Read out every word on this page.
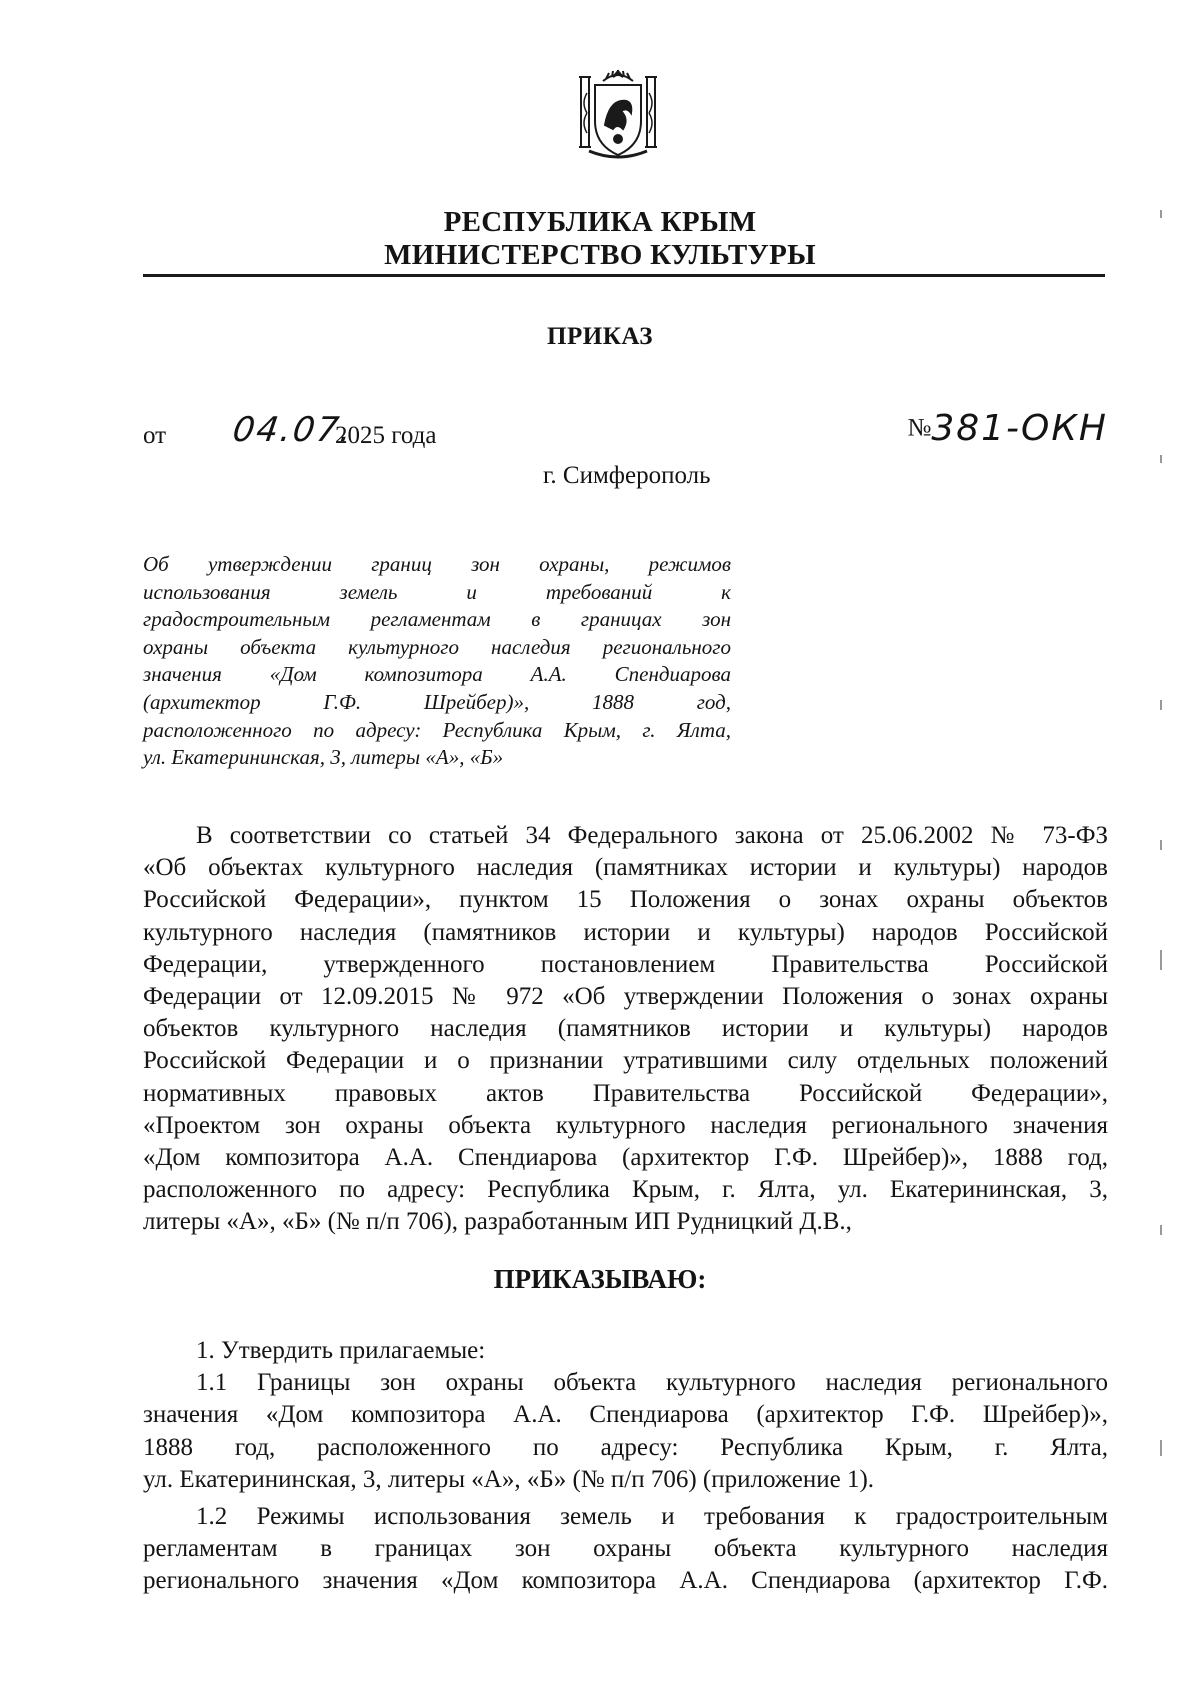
РЕСПУБЛИКА КРЫМ
МИНИСТЕРСТВО КУЛЬТУРЫ
ПРИКАЗ
от 04.07.
2025 года	№381-ОКН
г. Симферополь
Об утверждении границ зон охраны, режимов
использования земель и требований к
градостроительным регламентам в границах зон
охраны объекта культурного наследия регионального
значения «Дом композитора А.А. Спендиарова
(архитектор Г.Ф. Шрейбер)», 1888 год,
расположенного по адресу: Республика Крым, г. Ялта,
ул. Екатерининская, 3, литеры «А», «Б»
В соответствии со статьей 34 Федерального закона от 25.06.2002 № 73-ФЗ
«Об объектах культурного наследия (памятниках истории и культуры) народов
Российской Федерации», пунктом 15 Положения о зонах охраны объектов
культурного наследия (памятников истории и культуры) народов Российской
Федерации, утвержденного постановлением Правительства Российской
Федерации от 12.09.2015 № 972 «Об утверждении Положения о зонах охраны
объектов культурного наследия (памятников истории и культуры) народов
Российской Федерации и о признании утратившими силу отдельных положений
нормативных правовых актов Правительства Российской Федерации»,
«Проектом зон охраны объекта культурного наследия регионального значения
«Дом композитора А.А. Спендиарова (архитектор Г.Ф. Шрейбер)», 1888 год,
расположенного по адресу: Республика Крым, г. Ялта, ул. Екатерининская, 3,
литеры «А», «Б» (№ п/п 706), разработанным ИП Рудницкий Д.В.,
ПРИКАЗЫВАЮ:
1. Утвердить прилагаемые:
1.1 Границы зон охраны объекта культурного наследия регионального
значения «Дом композитора А.А. Спендиарова (архитектор Г.Ф. Шрейбер)»,
1888 год, расположенного по адресу: Республика Крым, г. Ялта,
ул. Екатерининская, 3, литеры «А», «Б» (№ п/п 706) (приложение 1).
1.2 Режимы использования земель и требования к градостроительным
регламентам в границах зон охраны объекта культурного наследия
регионального значения «Дом композитора А.А. Спендиарова (архитектор Г.Ф.
